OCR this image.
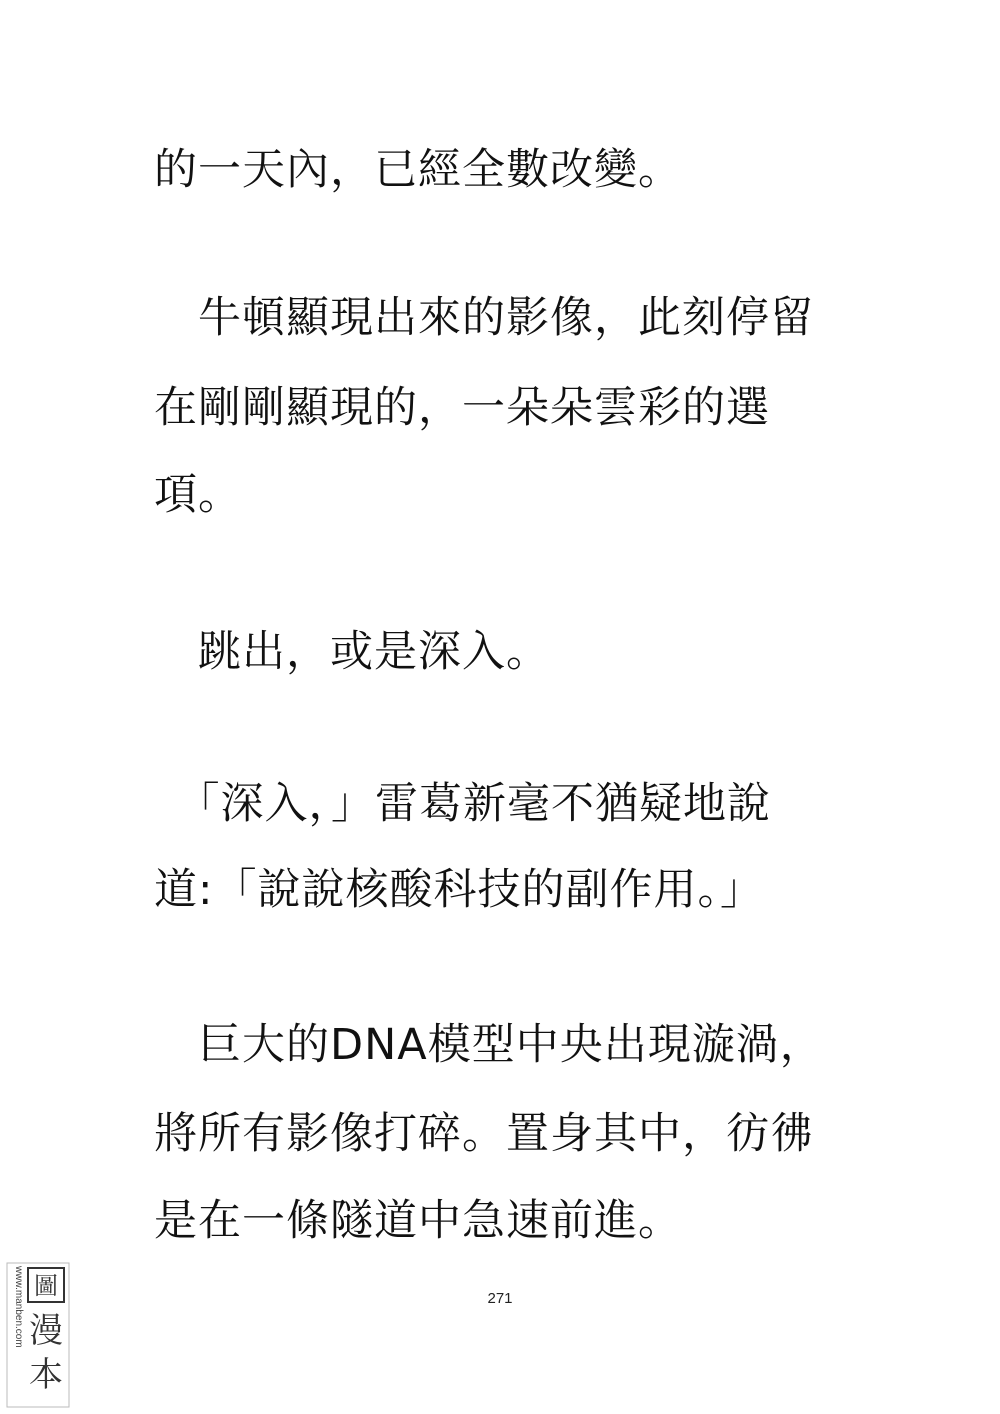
的一天內，已經全數改變。
　牛頓顯現出來的影像，此刻停留
在剛剛顯現的，一朵朵雲彩的選
項。
　跳出，或是深入。
　「深入，」雷葛新毫不猶疑地說
道:「說說核酸科技的副作用。」
　巨大的DNA模型中央出現漩渦，
將所有影像打碎。置身其中，彷彿
是在一條隧道中急速前進。
271
www.manben.com 圖
漫
本
